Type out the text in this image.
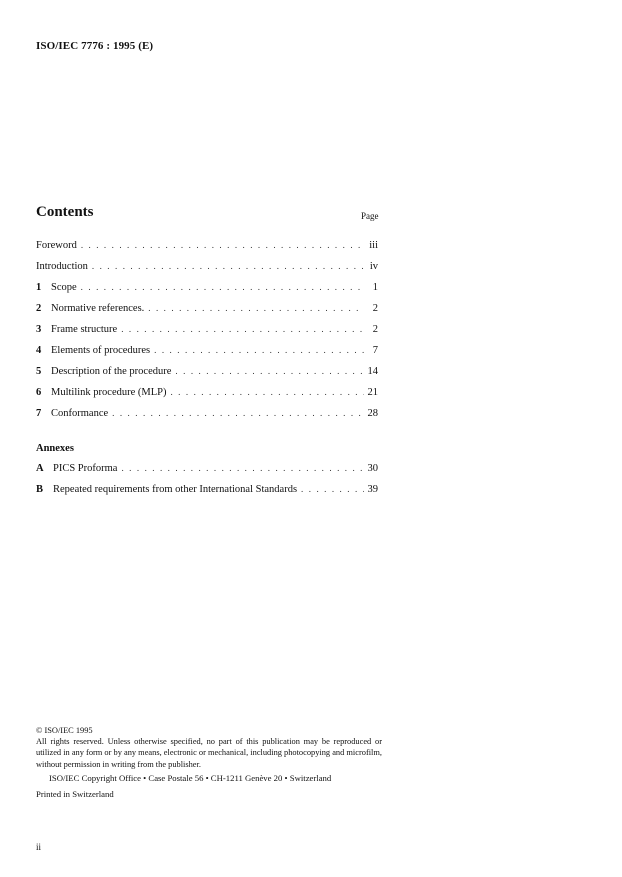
ISO/IEC 7776 : 1995 (E)
Contents	Page
Foreword . . .	iii
Introduction . . .	iv
1 Scope . . .	1
2 Normative references. . . .	2
3 Frame structure . . .	2
4 Elements of procedures . . .	7
5 Description of the procedure . . .	14
6 Multilink procedure (MLP) . . .	21
7 Conformance . . .	28
Annexes
A PICS Proforma . . .	30
B Repeated requirements from other International Standards . . .	39
© ISO/IEC 1995
All rights reserved. Unless otherwise specified, no part of this publication may be reproduced or utilized in any form or by any means, electronic or mechanical, including photocopying and microfilm, without permission in writing from the publisher.
ISO/IEC Copyright Office • Case Postale 56 • CH-1211 Genève 20 • Switzerland
Printed in Switzerland
ii
